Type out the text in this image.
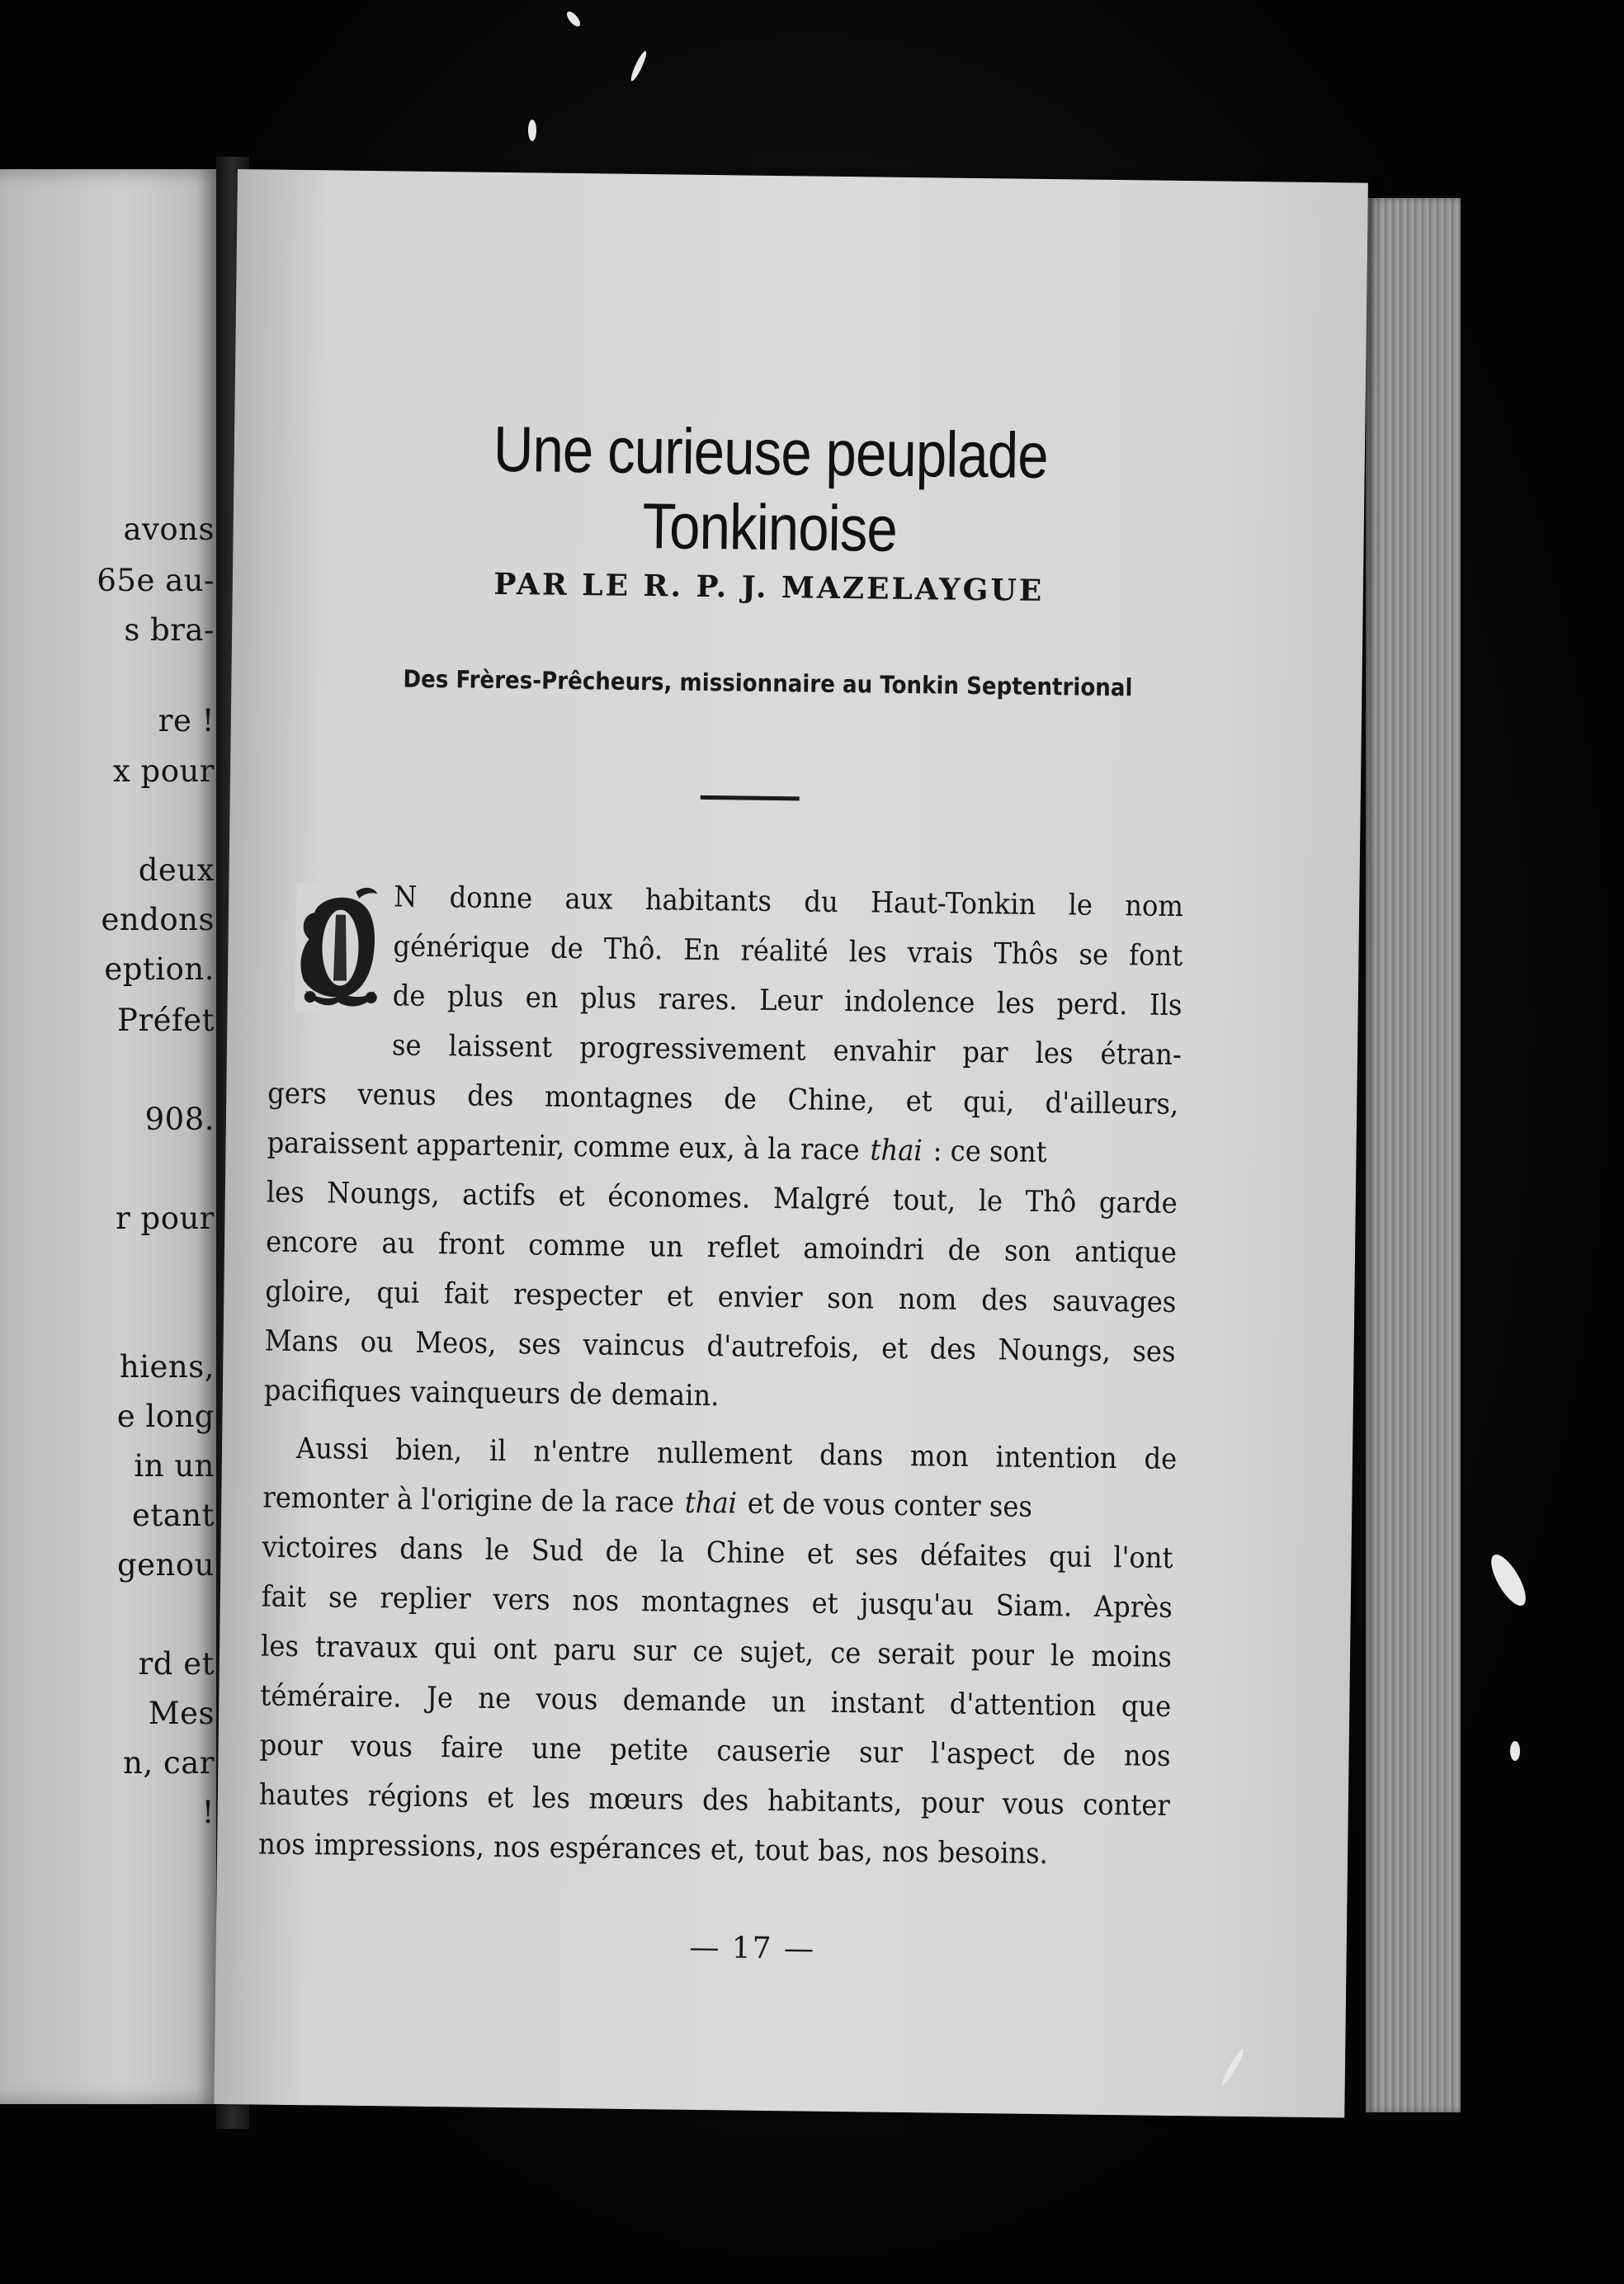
avons
65e au-
s bra-
re !
x pour
deux
endons
eption.
Préfet
908.
r pour
hiens,
e long
in un
etant
genou
rd et
Mes
n, car
!
Une curieuse peuplade Tonkinoise
PAR LE R. P. J. MAZELAYGUE
Des Frères-Prêcheurs, missionnaire au Tonkin Septentrional
N donne aux habitants du Haut-Tonkin le nom
générique de Thô. En réalité les vrais Thôs se font
de plus en plus rares. Leur indolence les perd. Ils
se laissent progressivement envahir par les étran-
gers venus des montagnes de Chine, et qui, d'ailleurs,
paraissent appartenir, comme eux, à la race thai : ce sont
les Noungs, actifs et économes. Malgré tout, le Thô garde
encore au front comme un reflet amoindri de son antique
gloire, qui fait respecter et envier son nom des sauvages
Mans ou Meos, ses vaincus d'autrefois, et des Noungs, ses
pacifiques vainqueurs de demain.
Aussi bien, il n'entre nullement dans mon intention de
remonter à l'origine de la race thai et de vous conter ses
victoires dans le Sud de la Chine et ses défaites qui l'ont
fait se replier vers nos montagnes et jusqu'au Siam. Après
les travaux qui ont paru sur ce sujet, ce serait pour le moins
téméraire. Je ne vous demande un instant d'attention que
pour vous faire une petite causerie sur l'aspect de nos
hautes régions et les mœurs des habitants, pour vous conter
nos impressions, nos espérances et, tout bas, nos besoins.
— 17 —
